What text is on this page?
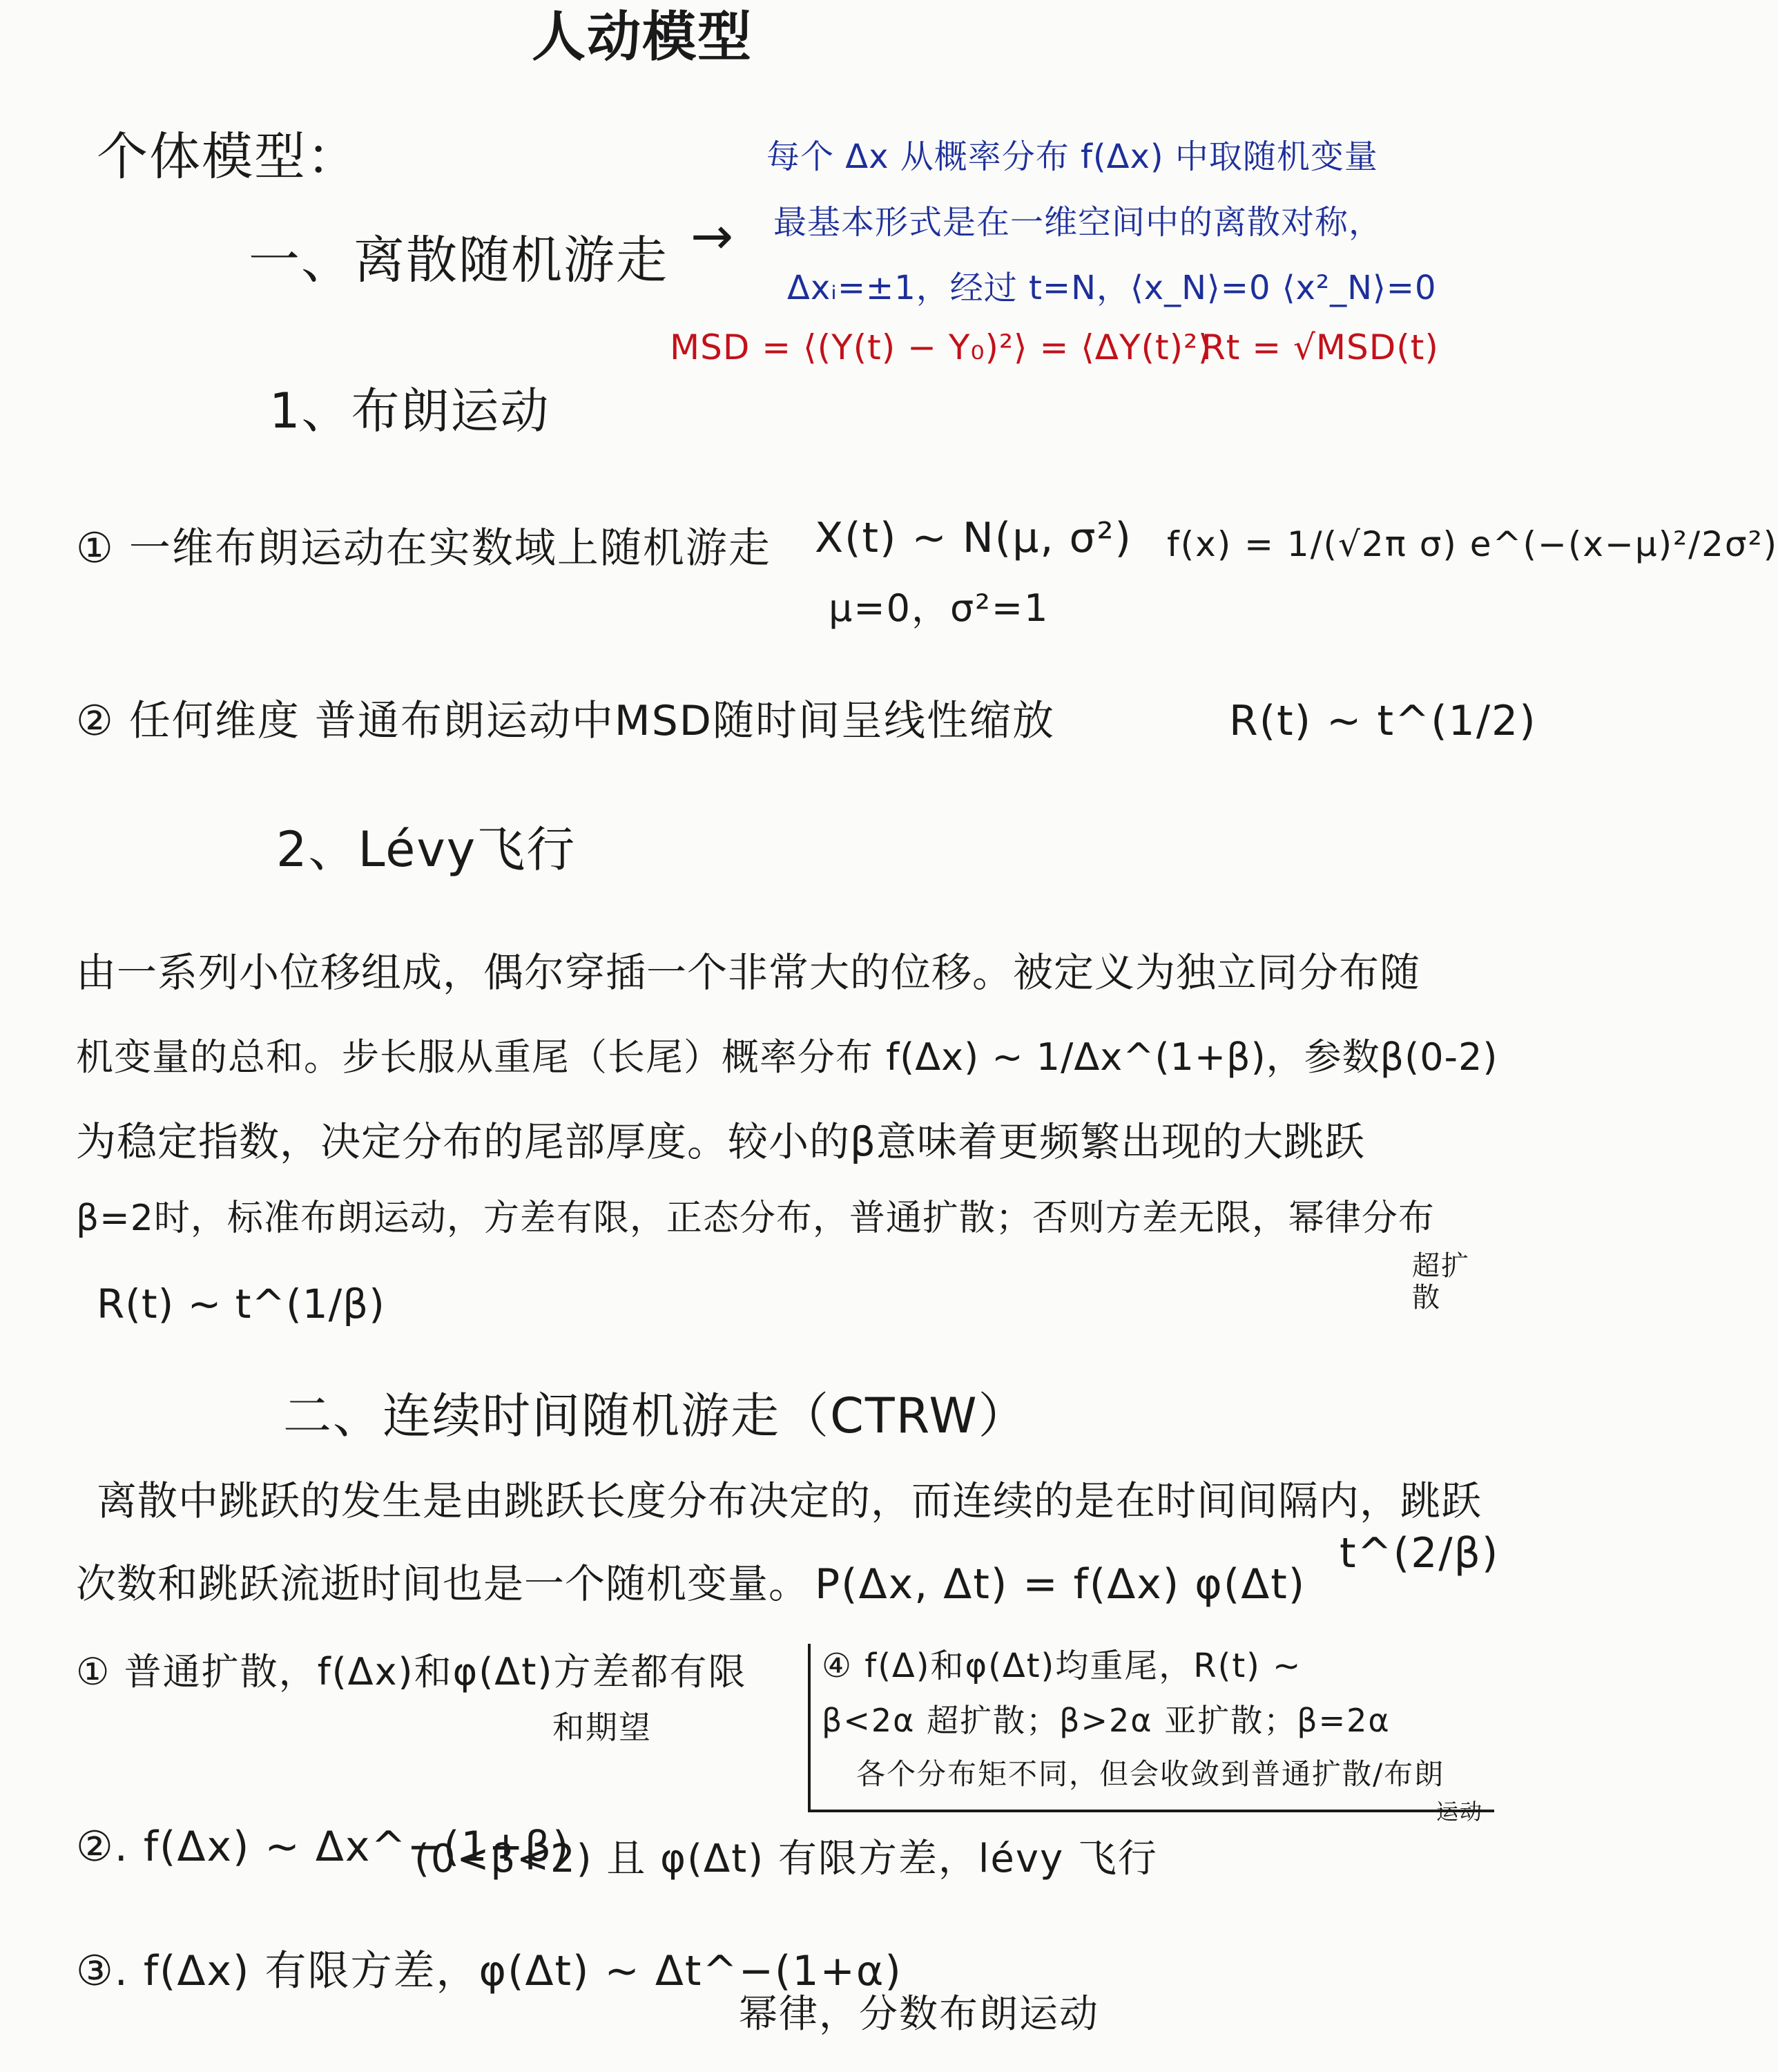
人动模型
个体模型：	每个 Δx 从概率分布 f(Δx) 中取随机变量
最基本形式是在一维空间中的离散对称，
Δxᵢ=±1，经过 t=N，⟨x_N⟩=0 ⟨x²_N⟩=0
一、离散随机游走 →
MSD = ⟨(Y(t) − Y₀)²⟩ = ⟨ΔY(t)²⟩
Rt = √MSD(t)
1、布朗运动
① 一维布朗运动在实数域上随机游走 X(t) ~ N(μ, σ²)
μ=0，σ²=1
f(x) = 1/(√2π σ) e^(−(x−μ)²/2σ²)
② 任何维度 普通布朗运动中MSD随时间呈线性缩放	R(t) ~ t^(1/2)
2、Lévy飞行
由一系列小位移组成，偶尔穿插一个非常大的位移。被定义为独立同分布随
机变量的总和。步长服从重尾（长尾）概率分布 f(Δx) ~ 1/Δx^(1+β)，参数β(0-2)
为稳定指数，决定分布的尾部厚度。较小的β意味着更频繁出现的大跳跃
β=2时，标准布朗运动，方差有限，正态分布，普通扩散；否则方差无限，幂律分布
超扩散
R(t) ~ t^(1/β)
二、连续时间随机游走（CTRW）
离散中跳跃的发生是由跳跃长度分布决定的，而连续的是在时间间隔内，跳跃
次数和跳跃流逝时间也是一个随机变量。 P(Δx, Δt) = f(Δx) φ(Δt)
t^(2/β)
① 普通扩散，f(Δx)和φ(Δt)方差都有限
和期望
④ f(Δ)和φ(Δt)均重尾，R(t) ~
β<2α 超扩散；β>2α 亚扩散；β=2α
各个分布矩不同，但会收敛到普通扩散/布朗
运动
②. f(Δx) ~ Δx^−(1+β)
(0<β<2) 且 φ(Δt) 有限方差，lévy 飞行
③. f(Δx) 有限方差，φ(Δt) ~ Δt^−(1+α)
幂律，分数布朗运动
